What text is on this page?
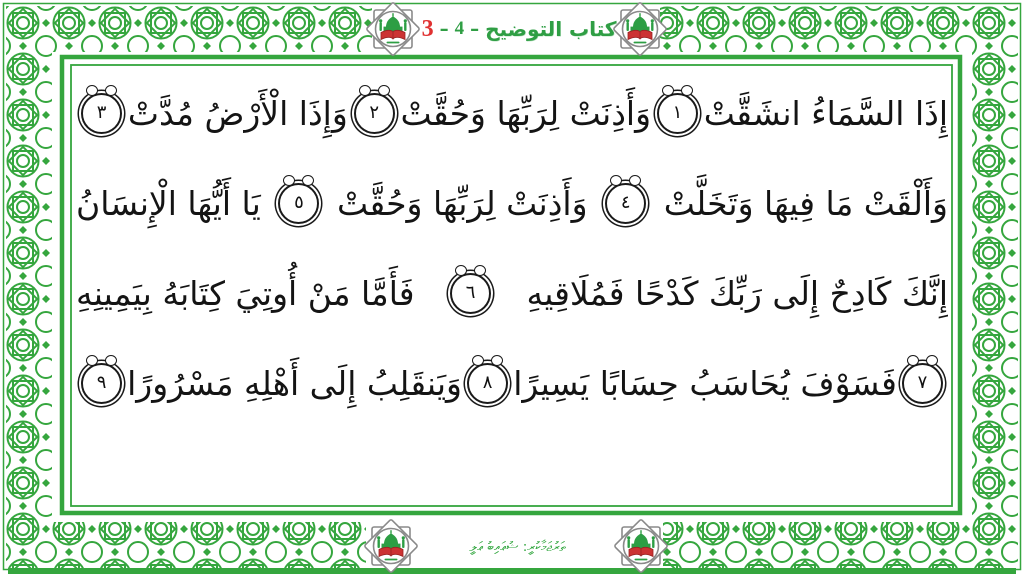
كتاب التوضيح
–
4
–
3
إِذَا السَّمَاءُ انشَقَّتْ
١
وَأَذِنَتْ لِرَبِّهَا وَحُقَّتْ
٢
وَإِذَا الْأَرْضُ مُدَّتْ
٣
وَأَلْقَتْ مَا فِيهَا وَتَخَلَّتْ
٤
وَأَذِنَتْ لِرَبِّهَا وَحُقَّتْ
٥
يَا أَيُّهَا الْإِنسَانُ
إِنَّكَ كَادِحٌ إِلَى رَبِّكَ كَدْحًا فَمُلَاقِيهِ
٦
فَأَمَّا مَنْ أُوتِيَ كِتَابَهُ بِيَمِينِهِ
٧
فَسَوْفَ يُحَاسَبُ حِسَابًا يَسِيرًا
٨
وَيَنقَلِبُ إِلَى أَهْلِهِ مَسْرُورًا
٩
ތަރުޖަމާކުރީ: ޝުޢައިބު ޢަލީ
